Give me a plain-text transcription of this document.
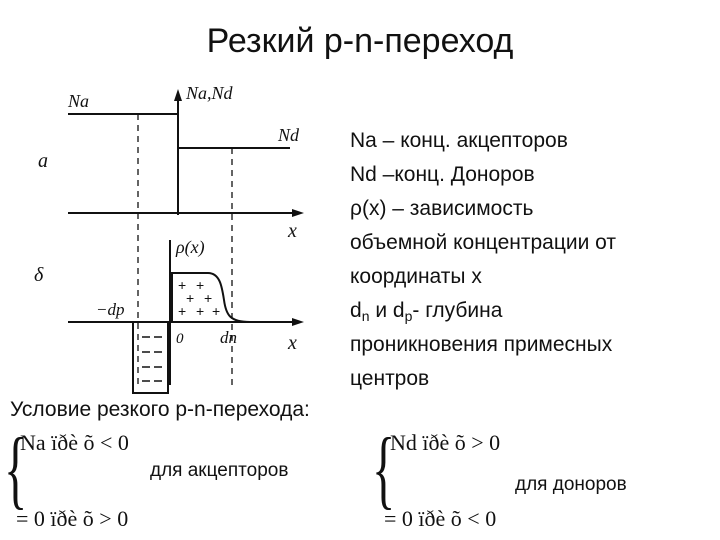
Резкий p-n-переход
+ +
+ +
+ + +
Na,Nd
Na
Nd
a
x
ρ(x)
δ
−dp
dn
0	x
Na – конц. акцепторов
Nd –конц. Доноров
ρ(x) – зависимость
объемной концентрации от
координаты x
$d_n$ и $d_p-$ глубина
проникновения примесных
центров
Условие резкого p-n-перехода:
{
Na ïðè õ < 0
для акцепторов
= 0 ïðè õ > 0
{
Nd ïðè õ > 0
для доноров
= 0 ïðè õ < 0
